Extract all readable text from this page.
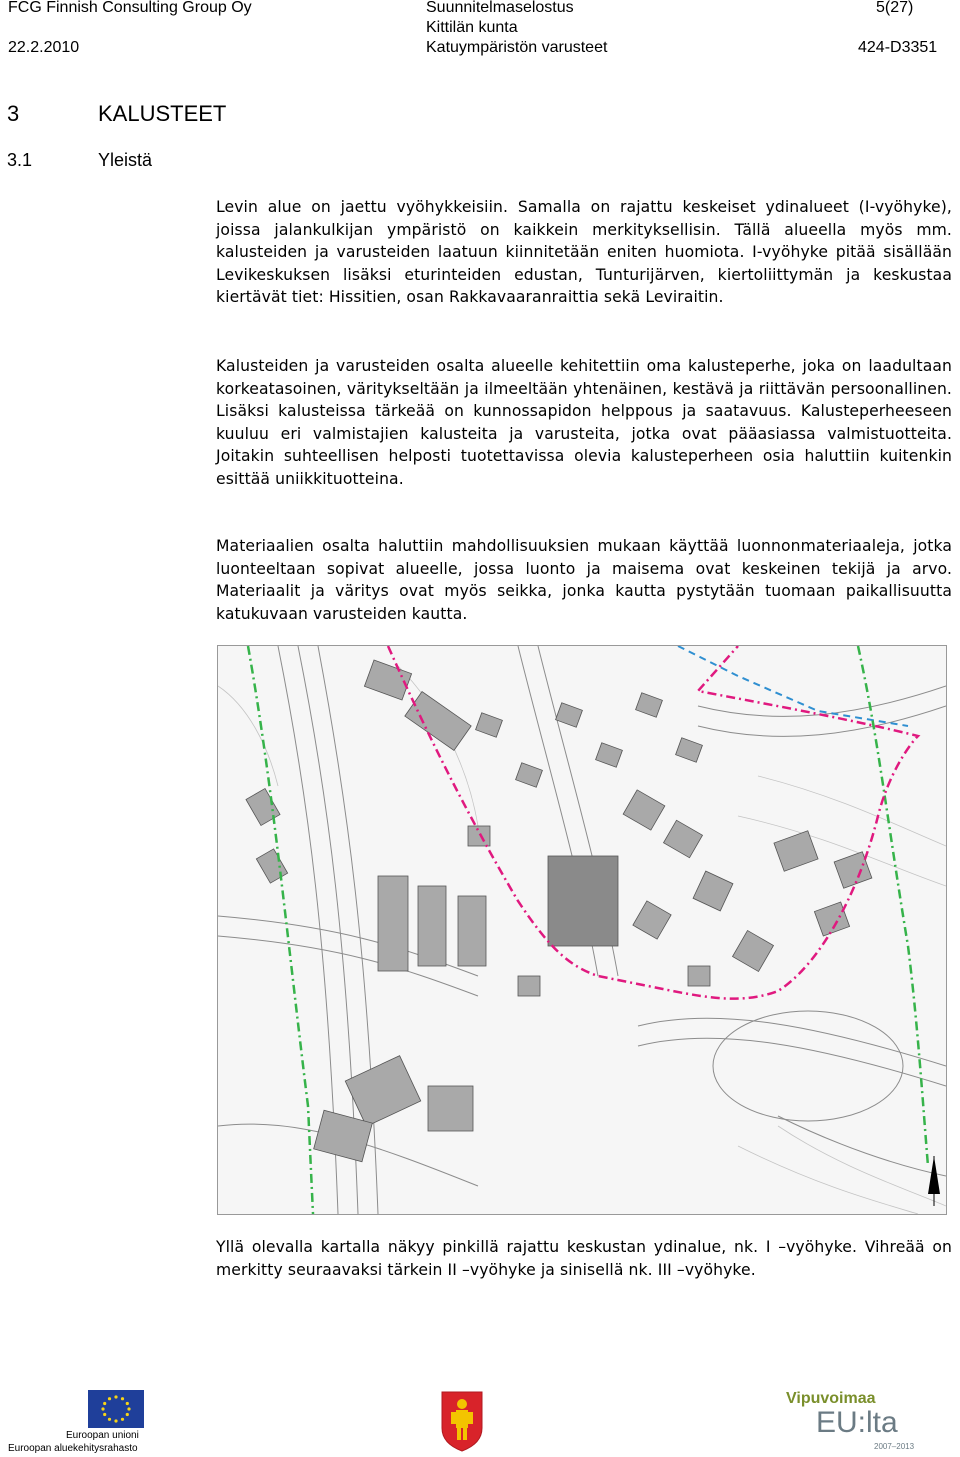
FCG Finnish Consulting Group Oy
22.2.2010
Suunnitelmaselostus
Kittilän kunta
Katuympäristön varusteet
5(27)
424-D3351
3	KALUSTEET
3.1	Yleistä
Levin alue on jaettu vyöhykkeisiin. Samalla on rajattu keskeiset ydinalueet (I-vyöhyke), joissa jalankulkijan ympäristö on kaikkein merkityksellisin. Tällä alueella myös mm. kalusteiden ja varusteiden laatuun kiinnitetään eniten huomiota. I-vyöhyke pitää sisällään Levikeskuksen lisäksi eturinteiden edustan, Tunturijärven, kiertoliittymän ja keskustaa kiertävät tiet: Hissitien, osan Rakkavaaranraittia sekä Leviraitin.
Kalusteiden ja varusteiden osalta alueelle kehitettiin oma kalusteperhe, joka on laadultaan korkeatasoinen, väritykseltään ja ilmeeltään yhtenäinen, kestävä ja riittävän persoonallinen. Lisäksi kalusteissa tärkeää on kunnossapidon helppous ja saatavuus. Kalusteperheeseen kuuluu eri valmistajien kalusteita ja varusteita, jotka ovat pääasiassa valmistuotteita. Joitakin suhteellisen helposti tuotettavissa olevia kalusteperheen osia haluttiin kuitenkin esittää uniikkituotteina.
Materiaalien osalta haluttiin mahdollisuuksien mukaan käyttää luonnonmateriaaleja, jotka luonteeltaan sopivat alueelle, jossa luonto ja maisema ovat keskeinen tekijä ja arvo. Materiaalit ja väritys ovat myös seikka, jonka kautta pystytään tuomaan paikallisuutta katukuvaan varusteiden kautta.
Yllä olevalla kartalla näkyy pinkillä rajattu keskustan ydinalue, nk. I –vyöhyke. Vihreää on merkitty seuraavaksi tärkein II –vyöhyke ja sinisellä nk. III –vyöhyke.
Euroopan unioni
Euroopan aluekehitysrahasto
Vipuvoimaa
EU:lta
2007–2013
